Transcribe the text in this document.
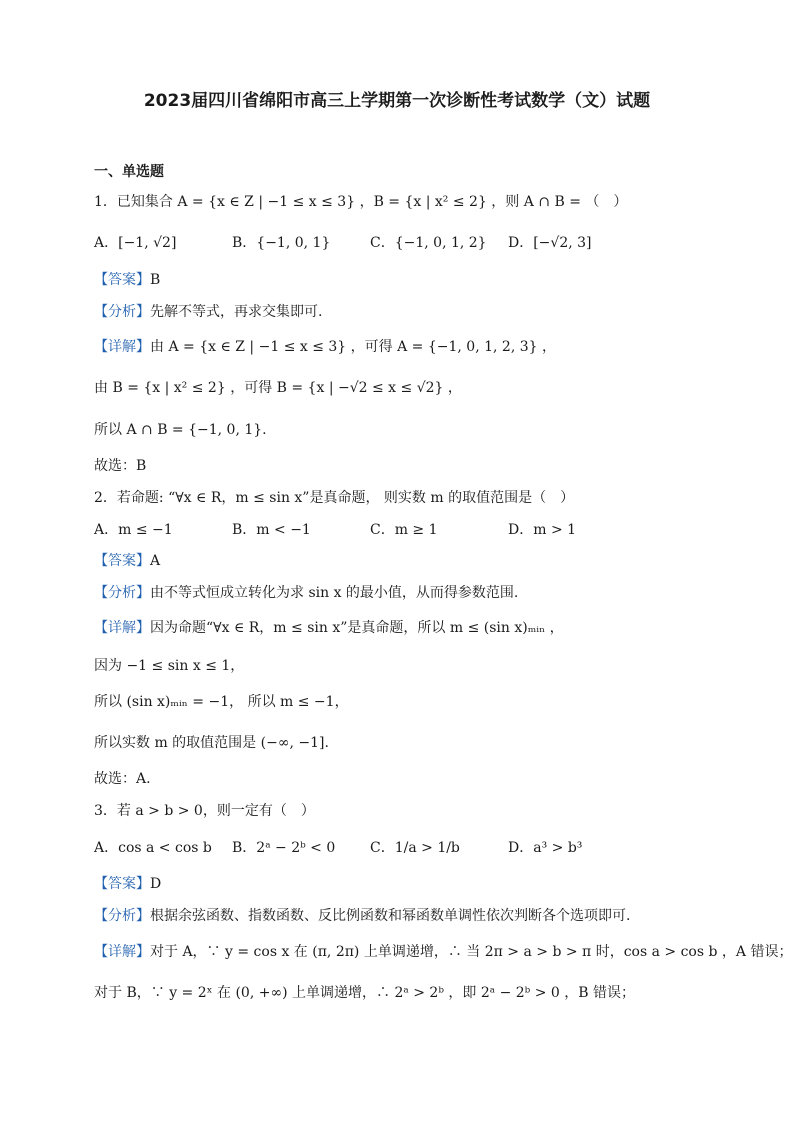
2023届四川省绵阳市高三上学期第一次诊断性考试数学（文）试题
一、单选题
1．已知集合 A = {x ∈ Z | −1 ≤ x ≤ 3} ，B = {x | x² ≤ 2} ，则 A ∩ B = （　）
A．[−1, √2]	B．{−1, 0, 1}	C．{−1, 0, 1, 2} D．[−√2, 3]
【答案】B
【分析】先解不等式，再求交集即可.
【详解】由 A = {x ∈ Z | −1 ≤ x ≤ 3} ，可得 A = {−1, 0, 1, 2, 3} ，
由 B = {x | x² ≤ 2} ，可得 B = {x | −√2 ≤ x ≤ √2} ，
所以 A ∩ B = {−1, 0, 1}.
故选：B
2．若命题: “∀x ∈ R，m ≤ sin x”是真命题， 则实数 m 的取值范围是（　）
A．m ≤ −1	B．m < −1	C．m ≥ 1	D．m > 1
【答案】A
【分析】由不等式恒成立转化为求 sin x 的最小值，从而得参数范围.
【详解】因为命题“∀x ∈ R，m ≤ sin x”是真命题，所以 m ≤ (sin x)ₘᵢₙ ，
因为 −1 ≤ sin x ≤ 1，
所以 (sin x)ₘᵢₙ = −1， 所以 m ≤ −1，
所以实数 m 的取值范围是 (−∞, −1].
故选：A.
3．若 a > b > 0，则一定有（　）
A．cos a < cos b B．2ᵃ − 2ᵇ < 0 C．1/a > 1/b	D．a³ > b³
【答案】D
【分析】根据余弦函数、指数函数、反比例函数和幂函数单调性依次判断各个选项即可.
【详解】对于 A，∵ y = cos x 在 (π, 2π) 上单调递增，∴ 当 2π > a > b > π 时，cos a > cos b ，A 错误；
对于 B，∵ y = 2ˣ 在 (0, +∞) 上单调递增，∴ 2ᵃ > 2ᵇ ，即 2ᵃ − 2ᵇ > 0 ，B 错误；
